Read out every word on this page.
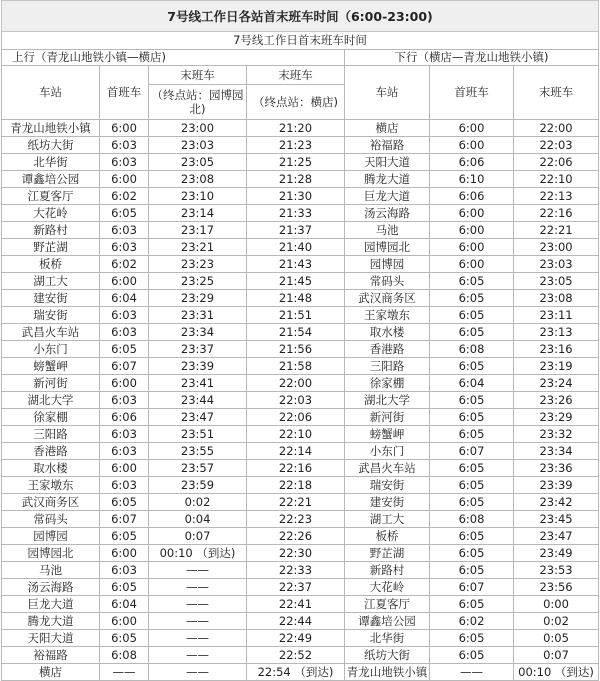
7号线工作日各站首末班车时间（6:00-23:00)						
7号线工作日首末班车时间						
上行（青龙山地铁小镇—横店)				下行（横店—青龙山地铁小镇)		
车站	首班车	末班车	末班车	车站	首班车	末班车
		（终点站：园博园北)	（终点站：横店)			
青龙山地铁小镇	6:00	23:00	21:20	横店	6:00	22:00
纸坊大街	6:03	23:03	21:23	裕福路	6:00	22:03
北华街	6:03	23:05	21:25	天阳大道	6:06	22:06
谭鑫培公园	6:00	23:08	21:28	腾龙大道	6:10	22:10
江夏客厅	6:02	23:10	21:30	巨龙大道	6:06	22:13
大花岭	6:05	23:14	21:33	汤云海路	6:00	22:16
新路村	6:03	23:17	21:37	马池	6:00	22:21
野芷湖	6:03	23:21	21:40	园博园北	6:00	23:00
板桥	6:02	23:23	21:43	园博园	6:00	23:03
湖工大	6:00	23:25	21:45	常码头	6:05	23:05
建安街	6:04	23:29	21:48	武汉商务区	6:05	23:08
瑞安街	6:03	23:31	21:51	王家墩东	6:05	23:11
武昌火车站	6:03	23:34	21:54	取水楼	6:05	23:13
小东门	6:05	23:37	21:56	香港路	6:08	23:16
螃蟹岬	6:07	23:39	21:58	三阳路	6:05	23:19
新河街	6:00	23:41	22:00	徐家棚	6:04	23:24
湖北大学	6:03	23:44	22:03	湖北大学	6:05	23:26
徐家棚	6:06	23:47	22:06	新河街	6:05	23:29
三阳路	6:03	23:51	22:10	螃蟹岬	6:05	23:32
香港路	6:03	23:55	22:14	小东门	6:07	23:34
取水楼	6:00	23:57	22:16	武昌火车站	6:05	23:36
王家墩东	6:03	23:59	22:18	瑞安街	6:05	23:39
武汉商务区	6:05	0:02	22:21	建安街	6:05	23:42
常码头	6:07	0:04	22:23	湖工大	6:08	23:45
园博园	6:05	0:07	22:26	板桥	6:05	23:47
园博园北	6:00	00:10 （到达)	22:30	野芷湖	6:05	23:49
马池	6:03	——	22:33	新路村	6:05	23:53
汤云海路	6:05	——	22:37	大花岭	6:07	23:56
巨龙大道	6:04	——	22:41	江夏客厅	6:05	0:00
腾龙大道	6:00	——	22:44	谭鑫培公园	6:02	0:02
天阳大道	6:05	——	22:49	北华街	6:05	0:05
裕福路	6:08	——	22:52	纸坊大街	6:05	0:07
横店	——	——	22:54 （到达)	青龙山地铁小镇	——	00:10 （到达)
